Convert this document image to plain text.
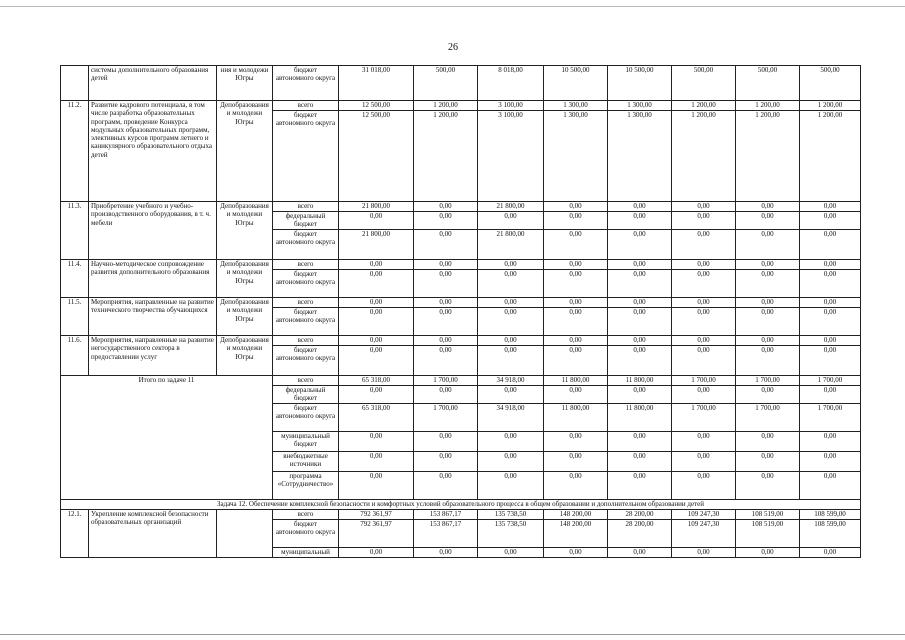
26
	системы дополнительного образования детей	ния и молодежи Югры	бюджет автономного округа	31 018,00	500,00	8 018,00	10 500,00	10 500,00	500,00	500,00	500,00
11.2.	Развитие кадрового потенциала, в том числе разработка образовательных программ, проведение Конкурса модульных образовательных программ, элективных курсов программ летнего и каникулярного образовательного отдыха детей	Депобразования и молодежи Югры	всего	12 500,00	1 200,00	3 100,00	1 300,00	1 300,00	1 200,00	1 200,00	1 200,00
			бюджет автономного округа	12 500,00	1 200,00	3 100,00	1 300,00	1 300,00	1 200,00	1 200,00	1 200,00
11.3.	Приобретение учебного и учебно-производственного оборудования, в т. ч. мебели	Депобразования и молодежи Югры	всего	21 800,00	0,00	21 800,00	0,00	0,00	0,00	0,00	0,00
			федеральный бюджет	0,00	0,00	0,00	0,00	0,00	0,00	0,00	0,00
			бюджет автономного округа	21 800,00	0,00	21 800,00	0,00	0,00	0,00	0,00	0,00
11.4.	Научно-методическое сопровождение развития дополнительного образования	Депобразования и молодежи Югры	всего	0,00	0,00	0,00	0,00	0,00	0,00	0,00	0,00
			бюджет автономного округа	0,00	0,00	0,00	0,00	0,00	0,00	0,00	0,00
11.5.	Мероприятия, направленные на развитие технического творчества обучающихся	Депобразования и молодежи Югры	всего	0,00	0,00	0,00	0,00	0,00	0,00	0,00	0,00
			бюджет автономного округа	0,00	0,00	0,00	0,00	0,00	0,00	0,00	0,00
11.6.	Мероприятия, направленные на развитие негосударственного сектора в предоставлении услуг	Депобразования и молодежи Югры	всего	0,00	0,00	0,00	0,00	0,00	0,00	0,00	0,00
			бюджет автономного округа	0,00	0,00	0,00	0,00	0,00	0,00	0,00	0,00
Итого по задаче 11			всего	65 318,00	1 700,00	34 918,00	11 800,00	11 800,00	1 700,00	1 700,00	1 700,00
			федеральный бюджет	0,00	0,00	0,00	0,00	0,00	0,00	0,00	0,00
			бюджет автономного округа	65 318,00	1 700,00	34 918,00	11 800,00	11 800,00	1 700,00	1 700,00	1 700,00
			муниципальный бюджет	0,00	0,00	0,00	0,00	0,00	0,00	0,00	0,00
			внебюджетные источники	0,00	0,00	0,00	0,00	0,00	0,00	0,00	0,00
			программа «Сотрудничество»	0,00	0,00	0,00	0,00	0,00	0,00	0,00	0,00
Задача 12. Обеспечение комплексной безопасности и комфортных условий образовательного процесса в общем образовании и дополнительном образовании детей											
12.1.	Укрепление комплексной безопасности образовательных организаций		всего	792 361,97	153 867,17	135 738,50	148 200,00	28 200,00	109 247,30	108 519,00	108 599,00
			бюджет автономного округа	792 361,97	153 867,17	135 738,50	148 200,00	28 200,00	109 247,30	108 519,00	108 599,00
			муниципальный	0,00	0,00	0,00	0,00	0,00	0,00	0,00	0,00
